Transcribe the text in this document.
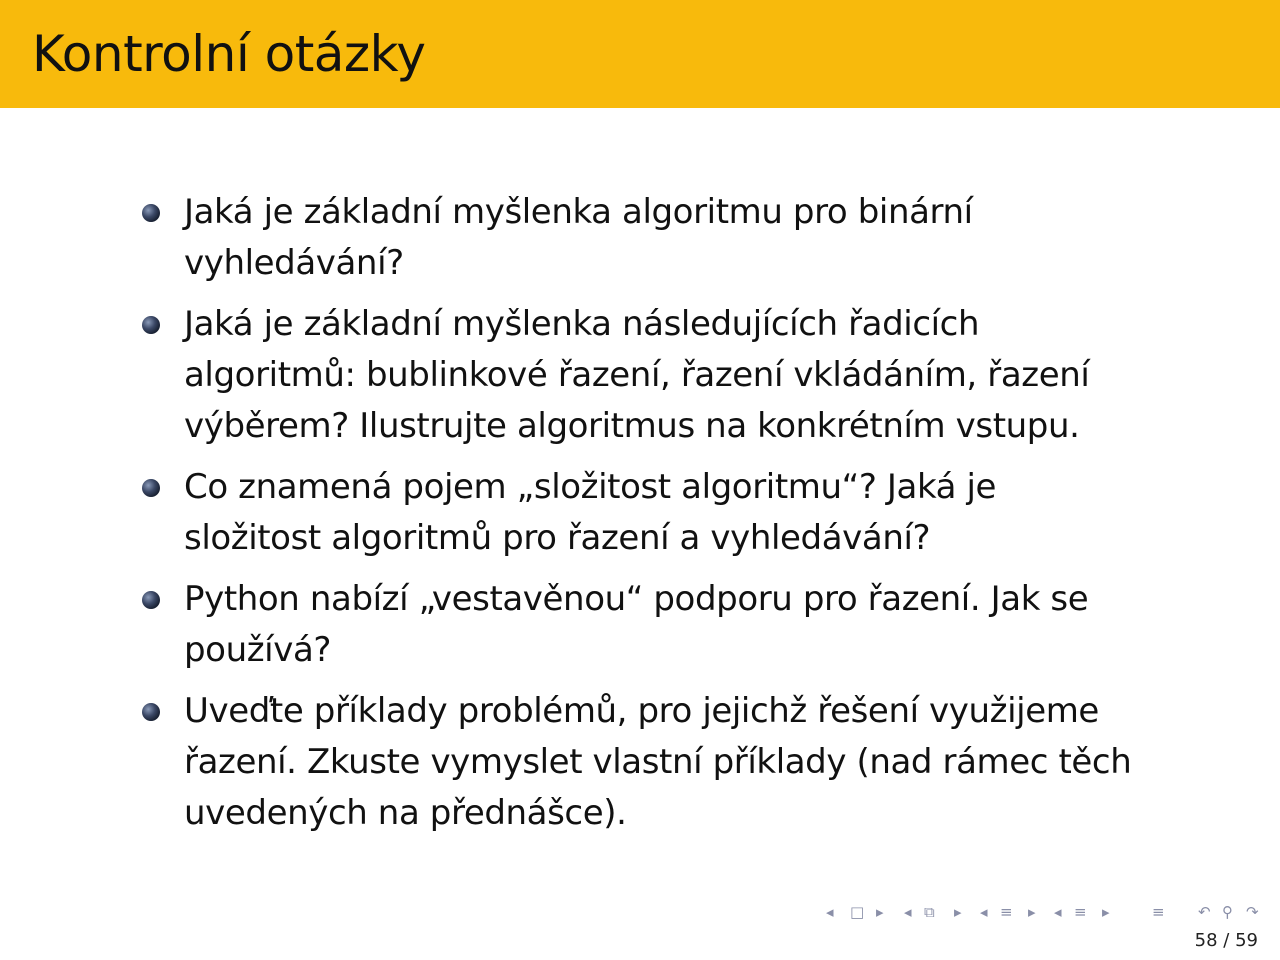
Kontrolní otázky
Jaká je základní myšlenka algoritmu pro binární
vyhledávání?
Jaká je základní myšlenka následujících řadicích
algoritmů: bublinkové řazení, řazení vkládáním, řazení
výběrem? Ilustrujte algoritmus na konkrétním vstupu.
Co znamená pojem „složitost algoritmu“? Jaká je
složitost algoritmů pro řazení a vyhledávání?
Python nabízí „vestavěnou“ podporu pro řazení. Jak se
používá?
Uveďte příklady problémů, pro jejichž řešení využijeme
řazení. Zkuste vymyslet vlastní příklady (nad rámec těch
uvedených na přednášce).
◂ □ ▸ ◂ ⧉ ▸ ◂ ≡ ▸ ◂ ≡ ▸	≡ ↶ ⚲ ↷
58 / 59
